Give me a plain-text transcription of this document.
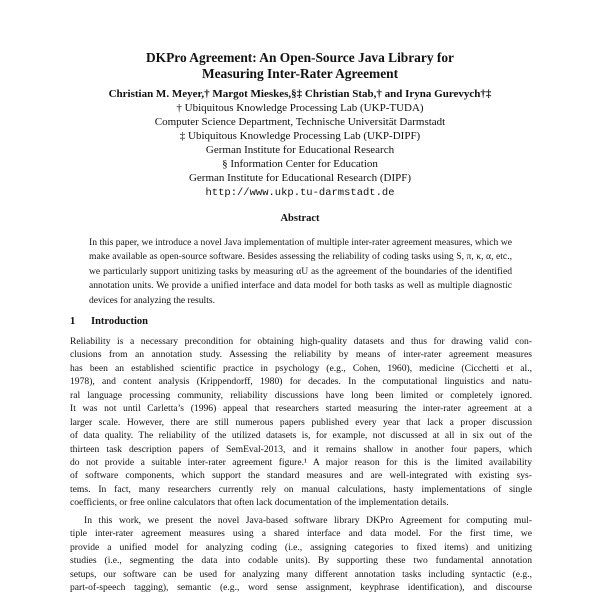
DKPro Agreement: An Open-Source Java Library for
Measuring Inter-Rater Agreement
Christian M. Meyer,† Margot Mieskes,§‡ Christian Stab,† and Iryna Gurevych†‡
† Ubiquitous Knowledge Processing Lab (UKP-TUDA)
Computer Science Department, Technische Universität Darmstadt
‡ Ubiquitous Knowledge Processing Lab (UKP-DIPF)
German Institute for Educational Research
§ Information Center for Education
German Institute for Educational Research (DIPF)
http://www.ukp.tu-darmstadt.de
Abstract
In this paper, we introduce a novel Java implementation of multiple inter-rater agreement measures, which we make available as open-source software. Besides assessing the reliability of coding tasks using S, π, κ, α, etc., we particularly support unitizing tasks by measuring αU as the agreement of the boundaries of the identified annotation units. We provide a unified interface and data model for both tasks as well as multiple diagnostic devices for analyzing the results.
1 Introduction
Reliability is a necessary precondition for obtaining high-quality datasets and thus for drawing valid con-
clusions from an annotation study. Assessing the reliability by means of inter-rater agreement measures
has been an established scientific practice in psychology (e.g., Cohen, 1960), medicine (Cicchetti et al.,
1978), and content analysis (Krippendorff, 1980) for decades. In the computational linguistics and natu-
ral language processing community, reliability discussions have long been limited or completely ignored.
It was not until Carletta’s (1996) appeal that researchers started measuring the inter-rater agreement at a
larger scale. However, there are still numerous papers published every year that lack a proper discussion
of data quality. The reliability of the utilized datasets is, for example, not discussed at all in six out of the
thirteen task description papers of SemEval-2013, and it remains shallow in another four papers, which
do not provide a suitable inter-rater agreement figure.¹ A major reason for this is the limited availability
of software components, which support the standard measures and are well-integrated with existing sys-
tems. In fact, many researchers currently rely on manual calculations, hasty implementations of single
coefficients, or free online calculators that often lack documentation of the implementation details.
In this work, we present the novel Java-based software library DKPro Agreement for computing mul-
tiple inter-rater agreement measures using a shared interface and data model. For the first time, we
provide a unified model for analyzing coding (i.e., assigning categories to fixed items) and unitizing
studies (i.e., segmenting the data into codable units). By supporting these two fundamental annotation
setups, our software can be used for analyzing many different annotation tasks including syntactic (e.g.,
part-of-speech tagging), semantic (e.g., word sense assignment, keyphrase identification), and discourse
